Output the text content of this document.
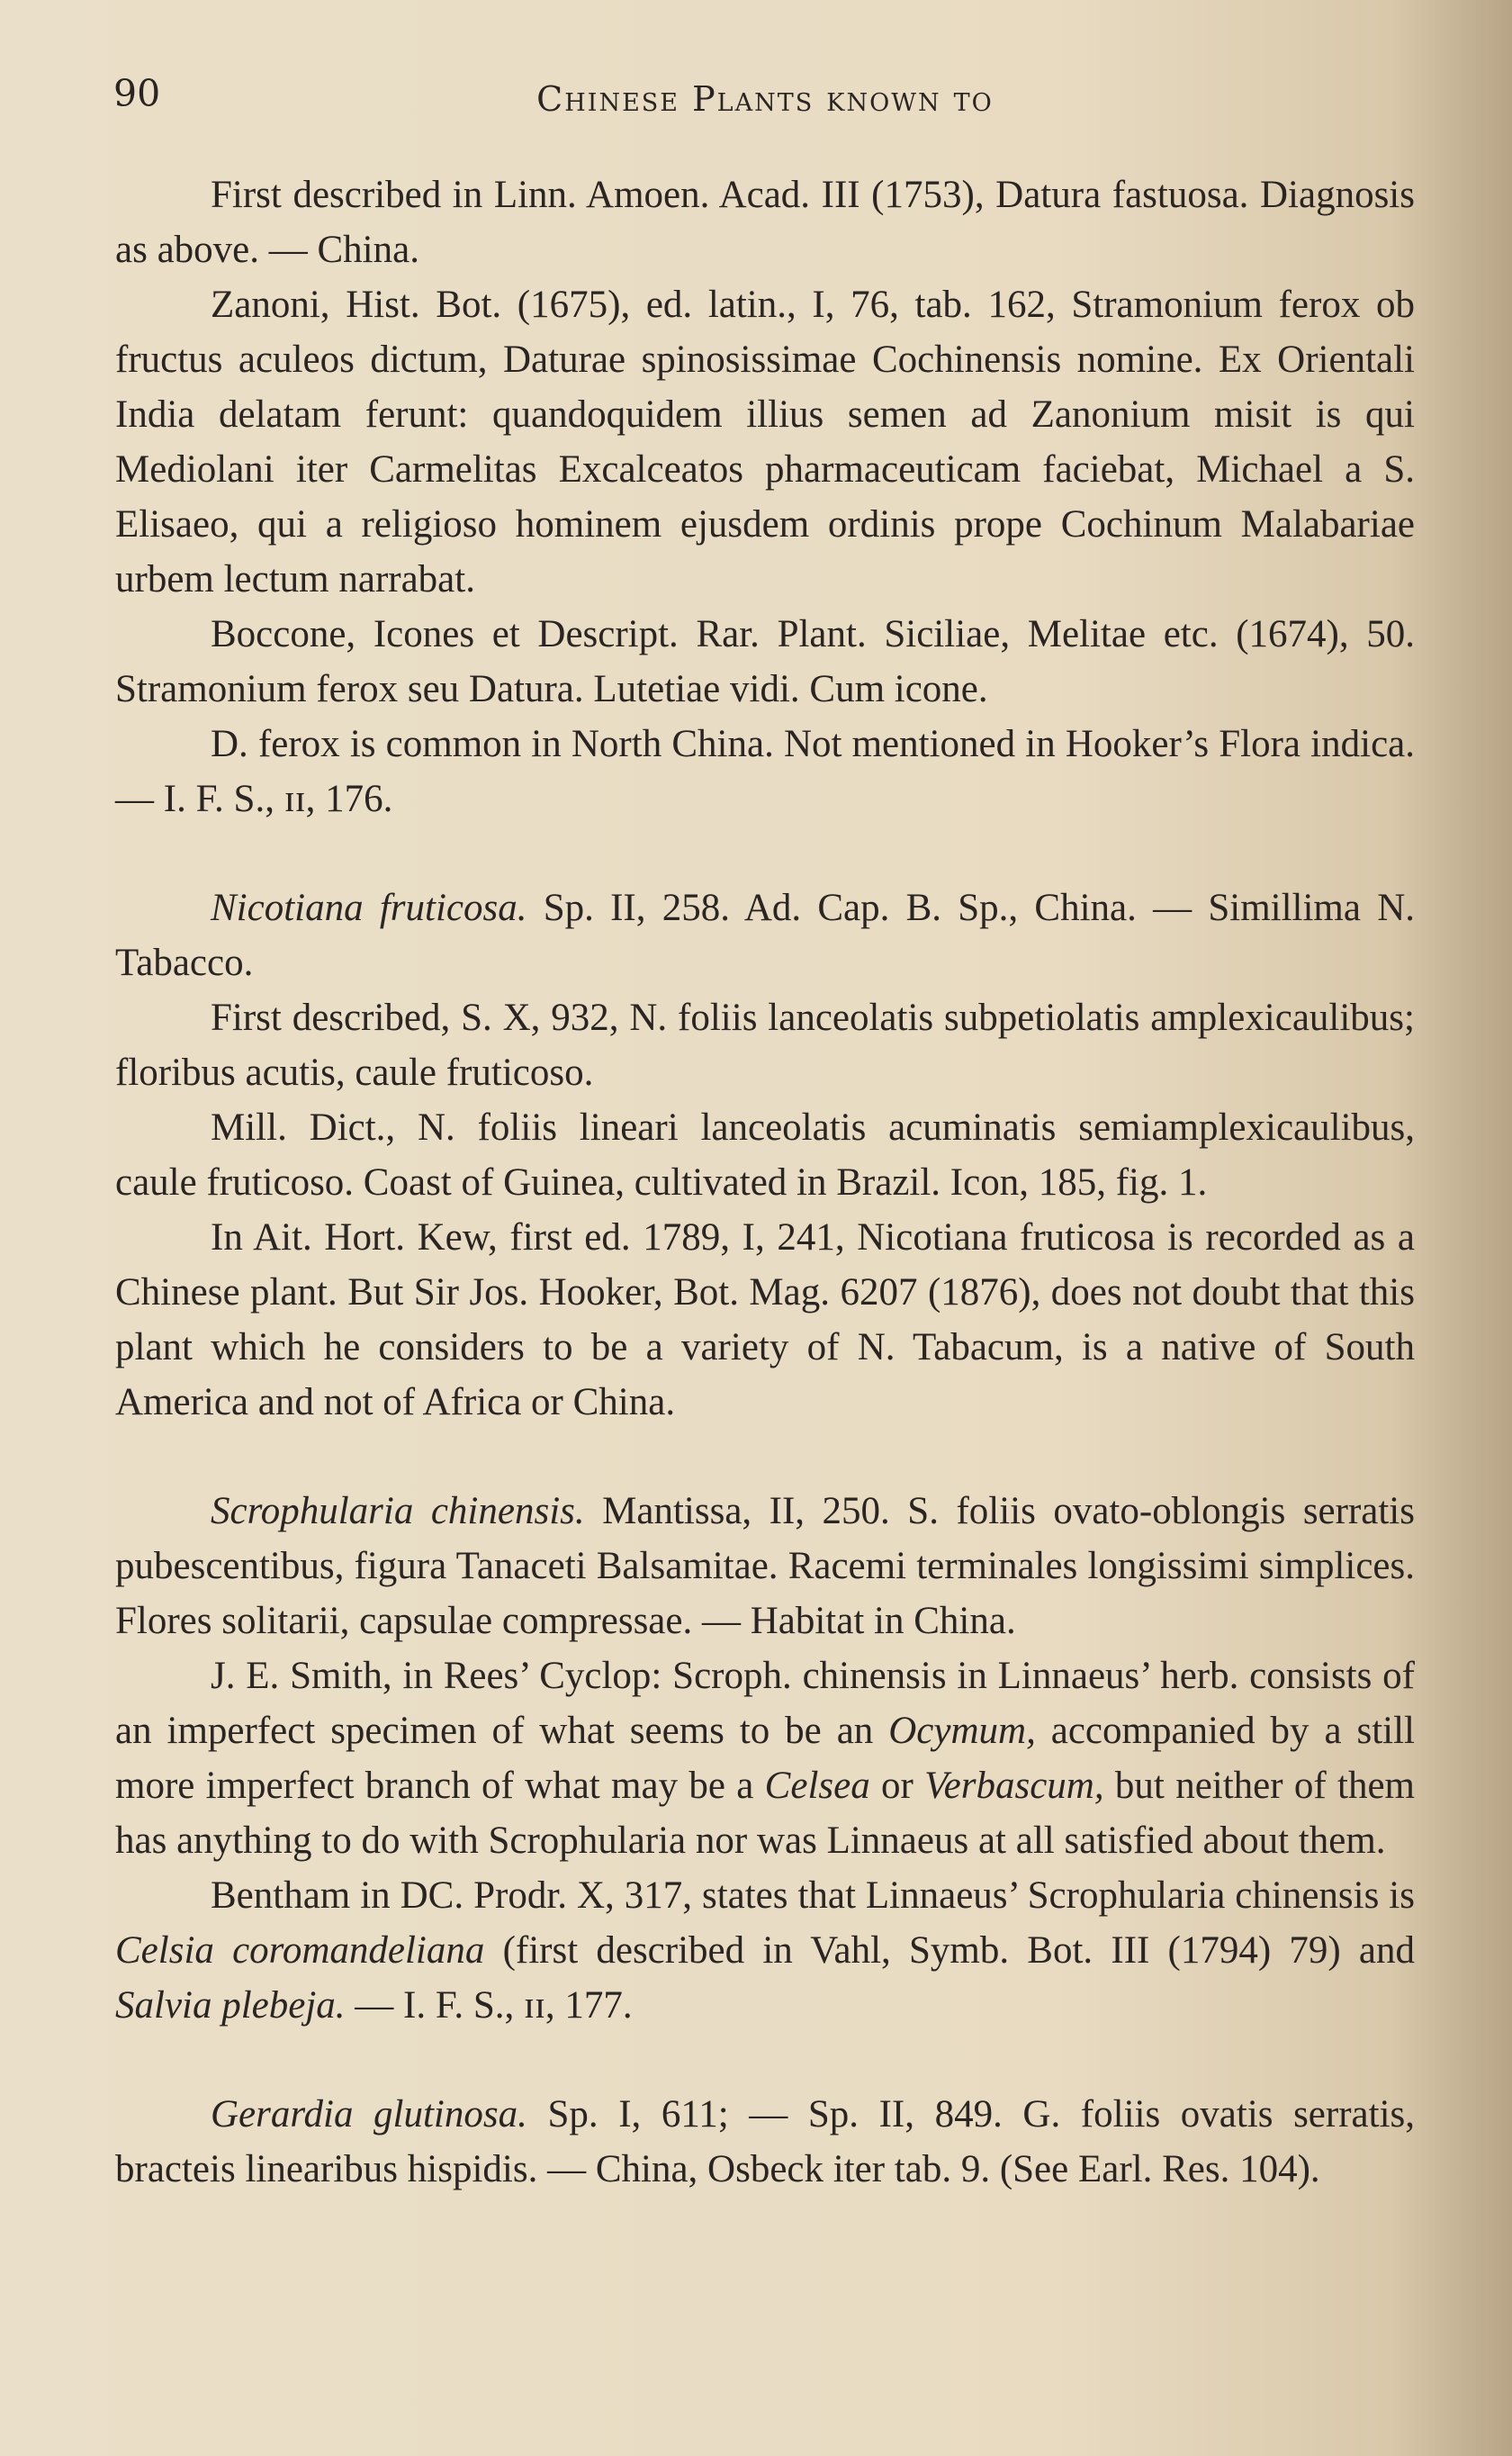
90	Chinese Plants known to

First described in Linn. Amoen. Acad. III (1753), Datura fastuosa. Diagnosis as above. — China.

Zanoni, Hist. Bot. (1675), ed. latin., I, 76, tab. 162, Stramonium ferox ob fructus aculeos dictum, Daturae spinosissimae Cochinensis nomine. Ex Orientali India delatam ferunt: quandoquidem illius semen ad Zanonium misit is qui Mediolani iter Carmelitas Excalceatos pharmaceuticam faciebat, Michael a S. Elisaeo, qui a religioso hominem ejusdem ordinis prope Cochinum Malabariae urbem lectum narrabat.

Boccone, Icones et Descript. Rar. Plant. Siciliae, Melitae etc. (1674), 50. Stramonium ferox seu Datura. Lutetiae vidi. Cum icone.

D. ferox is common in North China. Not mentioned in Hooker’s Flora indica. — I. F. S., ɪɪ, 176.

Nicotiana fruticosa. Sp. II, 258. Ad. Cap. B. Sp., China. — Simillima N. Tabacco.

First described, S. X, 932, N. foliis lanceolatis subpetiolatis amplexicaulibus; floribus acutis, caule fruticoso.

Mill. Dict., N. foliis lineari lanceolatis acuminatis semiamplexicaulibus, caule fruticoso. Coast of Guinea, cultivated in Brazil. Icon, 185, fig. 1.

In Ait. Hort. Kew, first ed. 1789, I, 241, Nicotiana fruticosa is recorded as a Chinese plant. But Sir Jos. Hooker, Bot. Mag. 6207 (1876), does not doubt that this plant which he considers to be a variety of N. Tabacum, is a native of South America and not of Africa or China.

Scrophularia chinensis. Mantissa, II, 250. S. foliis ovato-oblongis serratis pubescentibus, figura Tanaceti Balsamitae. Racemi terminales longissimi simplices. Flores solitarii, capsulae compressae. — Habitat in China.

J. E. Smith, in Rees’ Cyclop: Scroph. chinensis in Linnaeus’ herb. consists of an imperfect specimen of what seems to be an Ocymum, accompanied by a still more imperfect branch of what may be a Celsea or Verbascum, but neither of them has anything to do with Scrophularia nor was Linnaeus at all satisfied about them.

Bentham in DC. Prodr. X, 317, states that Linnaeus’ Scrophularia chinensis is Celsia coromandeliana (first described in Vahl, Symb. Bot. III (1794) 79) and Salvia plebeja. — I. F. S., ɪɪ, 177.

Gerardia glutinosa. Sp. I, 611; — Sp. II, 849. G. foliis ovatis serratis, bracteis linearibus hispidis. — China, Osbeck iter tab. 9. (See Earl. Res. 104).
